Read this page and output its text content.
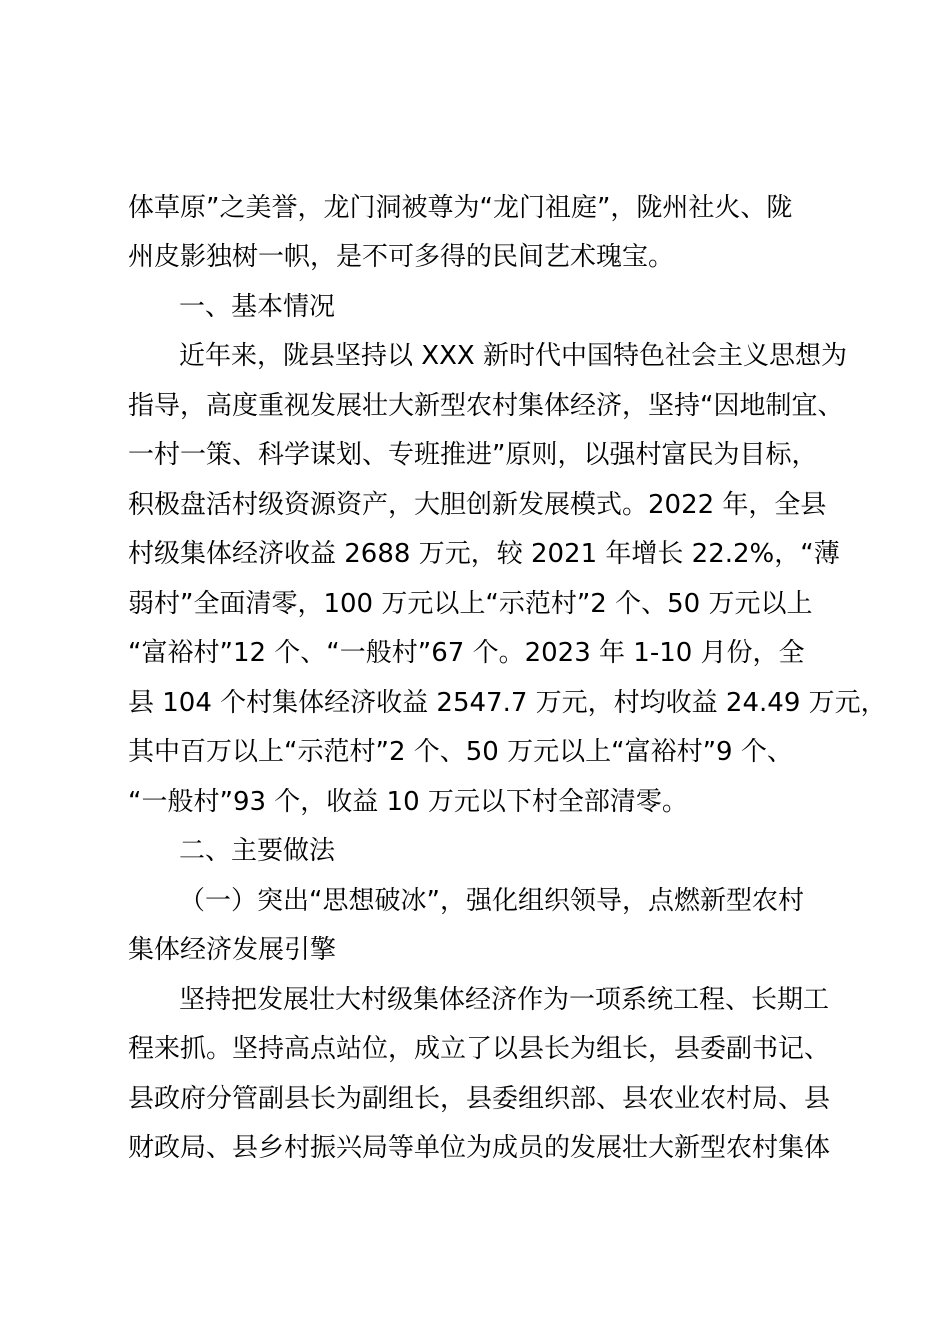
体草原”之美誉，龙门洞被尊为“龙门祖庭”，陇州社火、陇
州皮影独树一帜，是不可多得的民间艺术瑰宝。
一、基本情况
近年来，陇县坚持以 XXX 新时代中国特色社会主义思想为
指导，高度重视发展壮大新型农村集体经济，坚持“因地制宜、
一村一策、科学谋划、专班推进”原则，以强村富民为目标，
积极盘活村级资源资产，大胆创新发展模式。2022 年，全县
村级集体经济收益 2688 万元，较 2021 年增长 22.2%，“薄
弱村”全面清零，100 万元以上“示范村”2 个、50 万元以上
“富裕村”12 个、“一般村”67 个。2023 年 1-10 月份，全
县 104 个村集体经济收益 2547.7 万元，村均收益 24.49 万元，
其中百万以上“示范村”2 个、50 万元以上“富裕村”9 个、
“一般村”93 个，收益 10 万元以下村全部清零。
二、主要做法
（一）突出“思想破冰”，强化组织领导，点燃新型农村
集体经济发展引擎
坚持把发展壮大村级集体经济作为一项系统工程、长期工
程来抓。坚持高点站位，成立了以县长为组长，县委副书记、
县政府分管副县长为副组长，县委组织部、县农业农村局、县
财政局、县乡村振兴局等单位为成员的发展壮大新型农村集体
